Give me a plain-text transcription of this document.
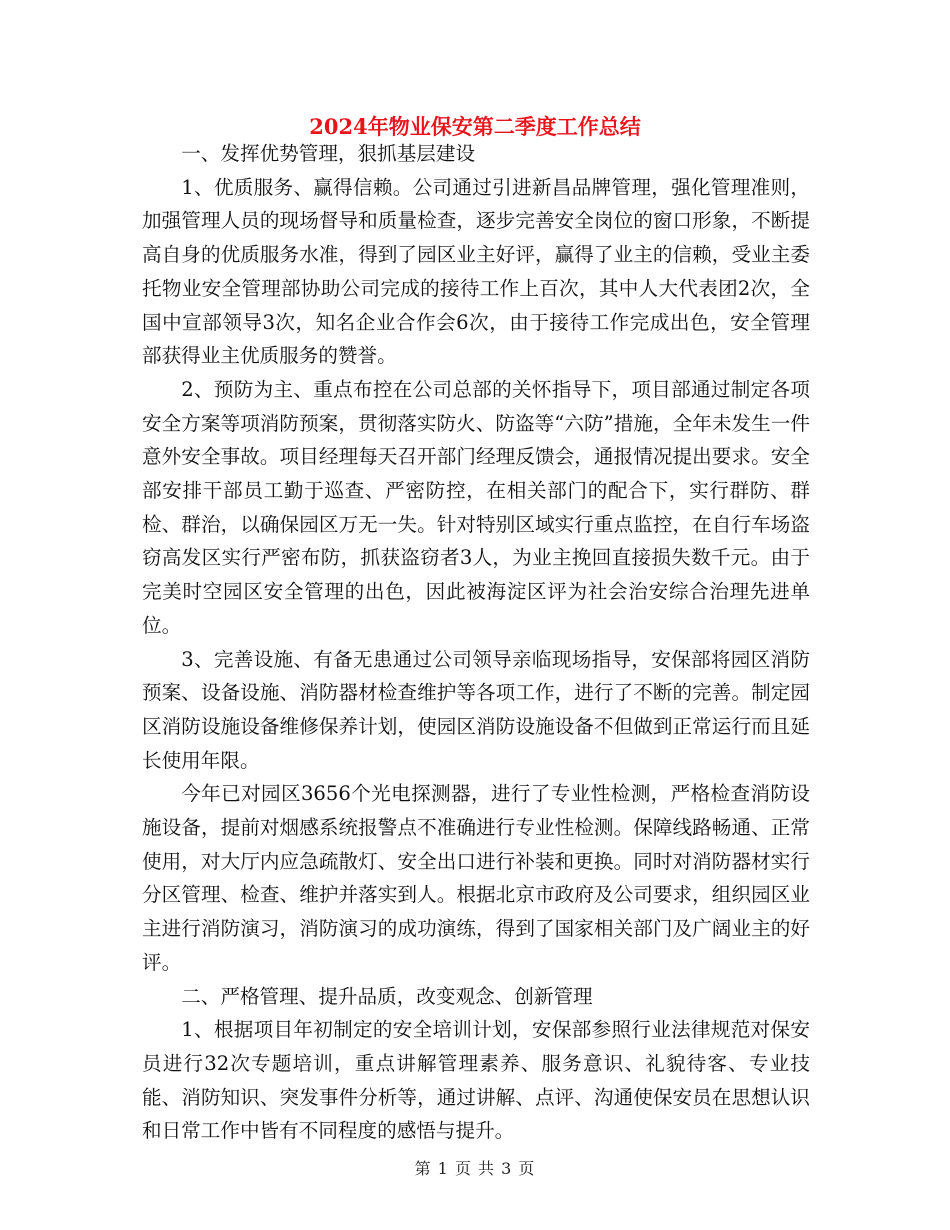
2024年物业保安第二季度工作总结

一、发挥优势管理，狠抓基层建设

1、优质服务、赢得信赖。公司通过引进新昌品牌管理，强化管理准则，加强管理人员的现场督导和质量检查，逐步完善安全岗位的窗口形象，不断提高自身的优质服务水准，得到了园区业主好评，赢得了业主的信赖，受业主委托物业安全管理部协助公司完成的接待工作上百次，其中人大代表团2次，全国中宣部领导3次，知名企业合作会6次，由于接待工作完成出色，安全管理部获得业主优质服务的赞誉。

2、预防为主、重点布控在公司总部的关怀指导下，项目部通过制定各项安全方案等项消防预案，贯彻落实防火、防盗等“六防”措施，全年未发生一件意外安全事故。项目经理每天召开部门经理反馈会，通报情况提出要求。安全部安排干部员工勤于巡查、严密防控，在相关部门的配合下，实行群防、群检、群治，以确保园区万无一失。针对特别区域实行重点监控，在自行车场盗窃高发区实行严密布防，抓获盗窃者3人，为业主挽回直接损失数千元。由于完美时空园区安全管理的出色，因此被海淀区评为社会治安综合治理先进单位。

3、完善设施、有备无患通过公司领导亲临现场指导，安保部将园区消防预案、设备设施、消防器材检查维护等各项工作，进行了不断的完善。制定园区消防设施设备维修保养计划，使园区消防设施设备不但做到正常运行而且延长使用年限。

今年已对园区3656个光电探测器，进行了专业性检测，严格检查消防设施设备，提前对烟感系统报警点不准确进行专业性检测。保障线路畅通、正常使用，对大厅内应急疏散灯、安全出口进行补装和更换。同时对消防器材实行分区管理、检查、维护并落实到人。根据北京市政府及公司要求，组织园区业主进行消防演习，消防演习的成功演练，得到了国家相关部门及广阔业主的好评。

二、严格管理、提升品质，改变观念、创新管理

1、根据项目年初制定的安全培训计划，安保部参照行业法律规范对保安员进行32次专题培训，重点讲解管理素养、服务意识、礼貌待客、专业技能、消防知识、突发事件分析等，通过讲解、点评、沟通使保安员在思想认识和日常工作中皆有不同程度的感悟与提升。

第 1 页 共 3 页
